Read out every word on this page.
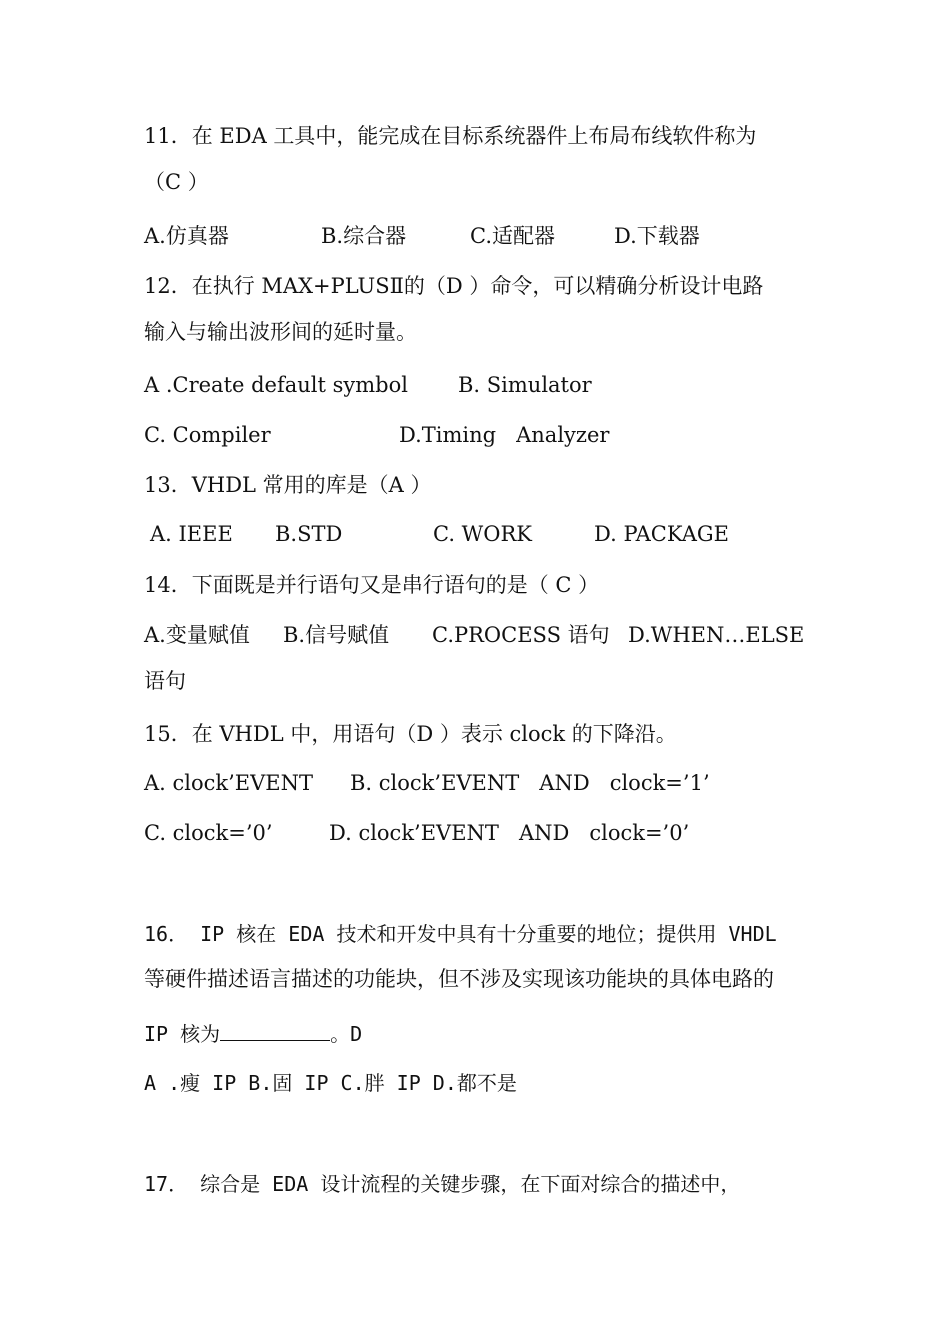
11．在 EDA 工具中，能完成在目标系统器件上布局布线软件称为

（C ）

A.仿真器

	B.综合器

	C.适配器

	D.下载器

12．在执行 MAX+PLUSⅡ的（D ）命令，可以精确分析设计电路

输入与输出波形间的延时量。

A .Create default symbol

B. Simulator

C. Compiler

	D.Timing   Analyzer

13．VHDL 常用的库是（A ）

A. IEEE

B.STD

	C. WORK

	D. PACKAGE

14．下面既是并行语句又是串行语句的是（ C ）

A.变量赋值

B.信号赋值

C.PROCESS 语句

D.WHEN…ELSE

语句

15．在 VHDL 中，用语句（D ）表示 clock 的下降沿。

A. clock’EVENT

B. clock’EVENT   AND   clock=’1’

C. clock=’0’

	D. clock’EVENT   AND   clock=’0’

16． IP 核在 EDA 技术和开发中具有十分重要的地位；提供用 VHDL

等硬件描述语言描述的功能块，但不涉及实现该功能块的具体电路的

IP 核为	。D

A .瘦 IP B.固 IP C.胖 IP D.都不是

17． 综合是 EDA 设计流程的关键步骤，在下面对综合的描述中，
